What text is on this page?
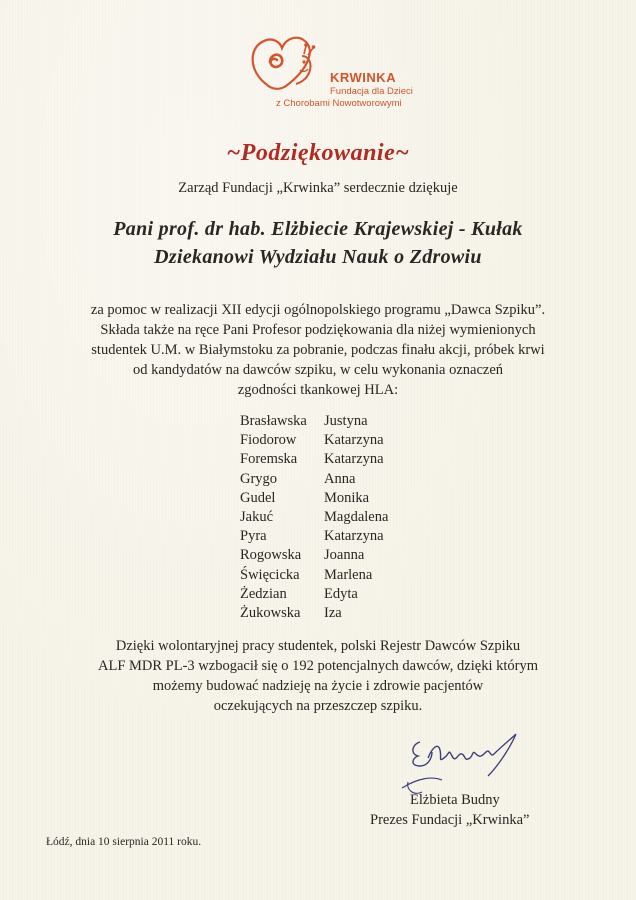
KRWINKA
Fundacja dla Dzieci
z Chorobami Nowotworowymi
~Podziękowanie~
Zarząd Fundacji „Krwinka” serdecznie dziękuje
Pani prof. dr hab. Elżbiecie Krajewskiej - Kułak
Dziekanowi Wydziału Nauk o Zdrowiu
za pomoc w realizacji XII edycji ogólnopolskiego programu „Dawca Szpiku”.
Składa także na ręce Pani Profesor podziękowania dla niżej wymienionych
studentek U.M. w Białymstoku za pobranie, podczas finału akcji, próbek krwi
od kandydatów na dawców szpiku, w celu wykonania oznaczeń
zgodności tkankowej HLA:
Brasławska	Justyna
Fiodorow	Katarzyna
Foremska	Katarzyna
Grygo	Anna
Gudel	Monika
Jakuć	Magdalena
Pyra	Katarzyna
Rogowska	Joanna
Święcicka	Marlena
Żedzian	Edyta
Żukowska	Iza
Dzięki wolontaryjnej pracy studentek, polski Rejestr Dawców Szpiku
ALF MDR PL-3 wzbogacił się o 192 potencjalnych dawców, dzięki którym
możemy budować nadzieję na życie i zdrowie pacjentów
oczekujących na przeszczep szpiku.
Elżbieta Budny
Prezes Fundacji „Krwinka”
Łódź, dnia 10 sierpnia 2011 roku.
